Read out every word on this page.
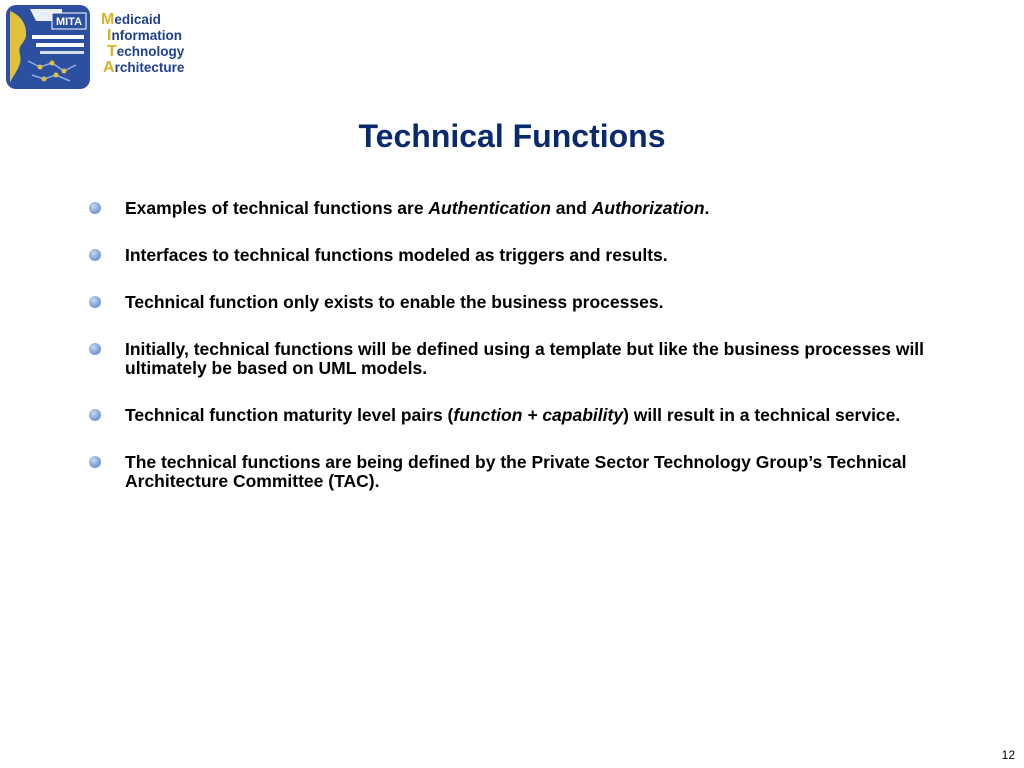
MITA Medicaid
Information
Technology
Architecture
Technical Functions
Examples of technical functions are Authentication and Authorization.
Interfaces to technical functions modeled as triggers and results.
Technical function only exists to enable the business processes.
Initially, technical functions will be defined using a template but like the business processes will ultimately be based on UML models.
Technical function maturity level pairs (function + capability) will result in a technical service.
The technical functions are being defined by the Private Sector Technology Group’s Technical Architecture Committee (TAC).
12
